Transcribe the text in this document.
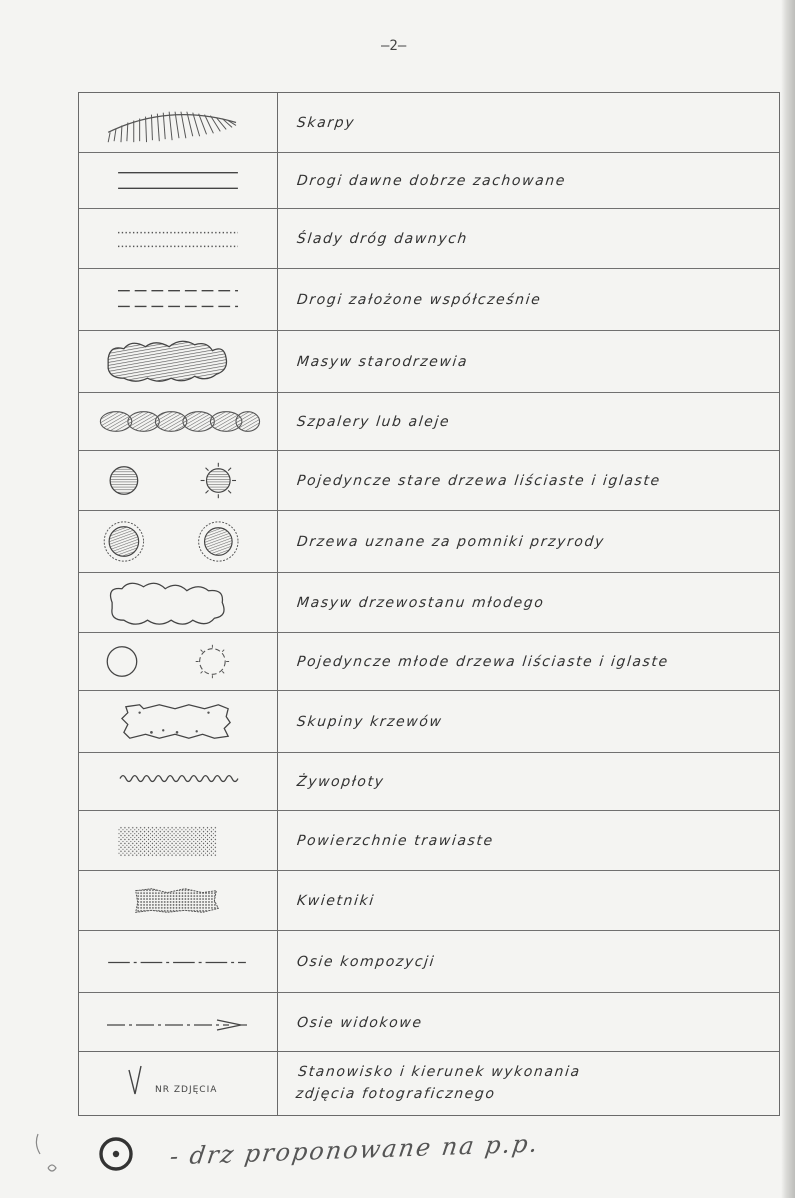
—2—
Skarpy
Drogi dawne dobrze zachowane
Ślady dróg dawnych
Drogi założone współcześnie
Masyw starodrzewia
Szpalery lub aleje
Pojedyncze stare drzewa liściaste i iglaste
Drzewa uznane za pomniki przyrody
Masyw drzewostanu młodego
Pojedyncze młode drzewa liściaste i iglaste
Skupiny krzewów
Żywopłoty
Powierzchnie trawiaste
Kwietniki
Osie kompozycji
Osie widokowe
NR ZDJĘCIA
Stanowisko i kierunek wykonania
zdjęcia fotograficznego
- drz proponowane na p.p.
